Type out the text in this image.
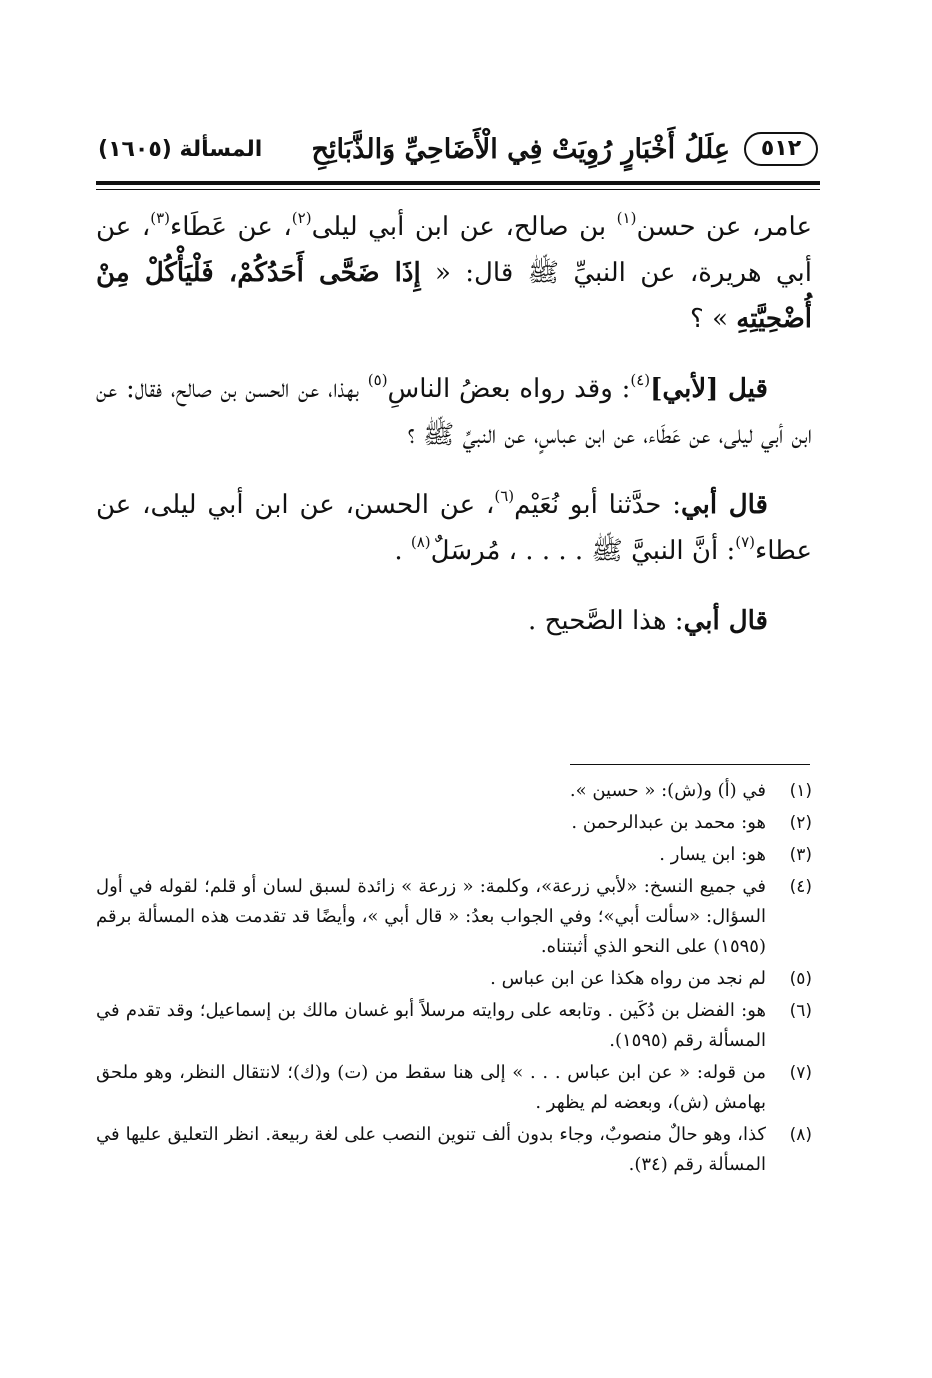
٥١٢
عِلَلُ أَخْبَارٍ رُوِيَتْ فِي الْأَضَاحِيِّ وَالذَّبَائِحِ
المسألة (١٦٠٥)

عامر، عن حسن$^{(١)}$ بن صالح، عن ابن أبي ليلى$^{(٢)}$، عن عَطَاء$^{(٣)}$، عن أبي هريرة، عن النبيِّ ﷺ قال: « إِذَا ضَحَّى أَحَدُكُمْ، فَلْيَأْكُلْ مِنْ أُضْحِيَّتِهِ » ؟

قيل [لأبي]$^{(٤)}$: وقد رواه بعضُ الناسِ$^{(٥)}$ بهذا، عن الحسن بن صالح، فقال: عن ابن أبي ليلى، عن عَطَاء، عن ابن عباسٍ، عن النبيِّ ﷺ ؟

قال أبي: حدَّثنا أبو نُعَيْم$^{(٦)}$، عن الحسن، عن ابن أبي ليلى، عن عطاء$^{(٧)}$: أنَّ النبيَّ ﷺ . . . . ، مُرسَلٌ$^{(٨)}$ .

قال أبي: هذا الصَّحيح .

(١)
في (أ) و(ش): « حسين ».
(٢)
هو: محمد بن عبدالرحمن .
(٣)
هو: ابن يسار .
(٤)
في جميع النسخ: «لأبي زرعة»، وكلمة: « زرعة » زائدة لسبق لسان أو قلم؛ لقوله في أول السؤال: «سألت أبي»؛ وفي الجواب بعدُ: « قال أبي »، وأيضًا قد تقدمت هذه المسألة برقم (١٥٩٥) على النحو الذي أثبتناه.
(٥)
لم نجد من رواه هكذا عن ابن عباس .
(٦)
هو: الفضل بن دُكَين . وتابعه على روايته مرسلاً أبو غسان مالك بن إسماعيل؛ وقد تقدم في المسألة رقم (١٥٩٥).
(٧)
من قوله: « عن ابن عباس . . . » إلى هنا سقط من (ت) و(ك)؛ لانتقال النظر، وهو ملحق بهامش (ش)، وبعضه لم يظهر .
(٨)
كذا، وهو حالٌ منصوبٌ، وجاء بدون ألف تنوين النصب على لغة ربيعة. انظر التعليق عليها في المسألة رقم (٣٤).
